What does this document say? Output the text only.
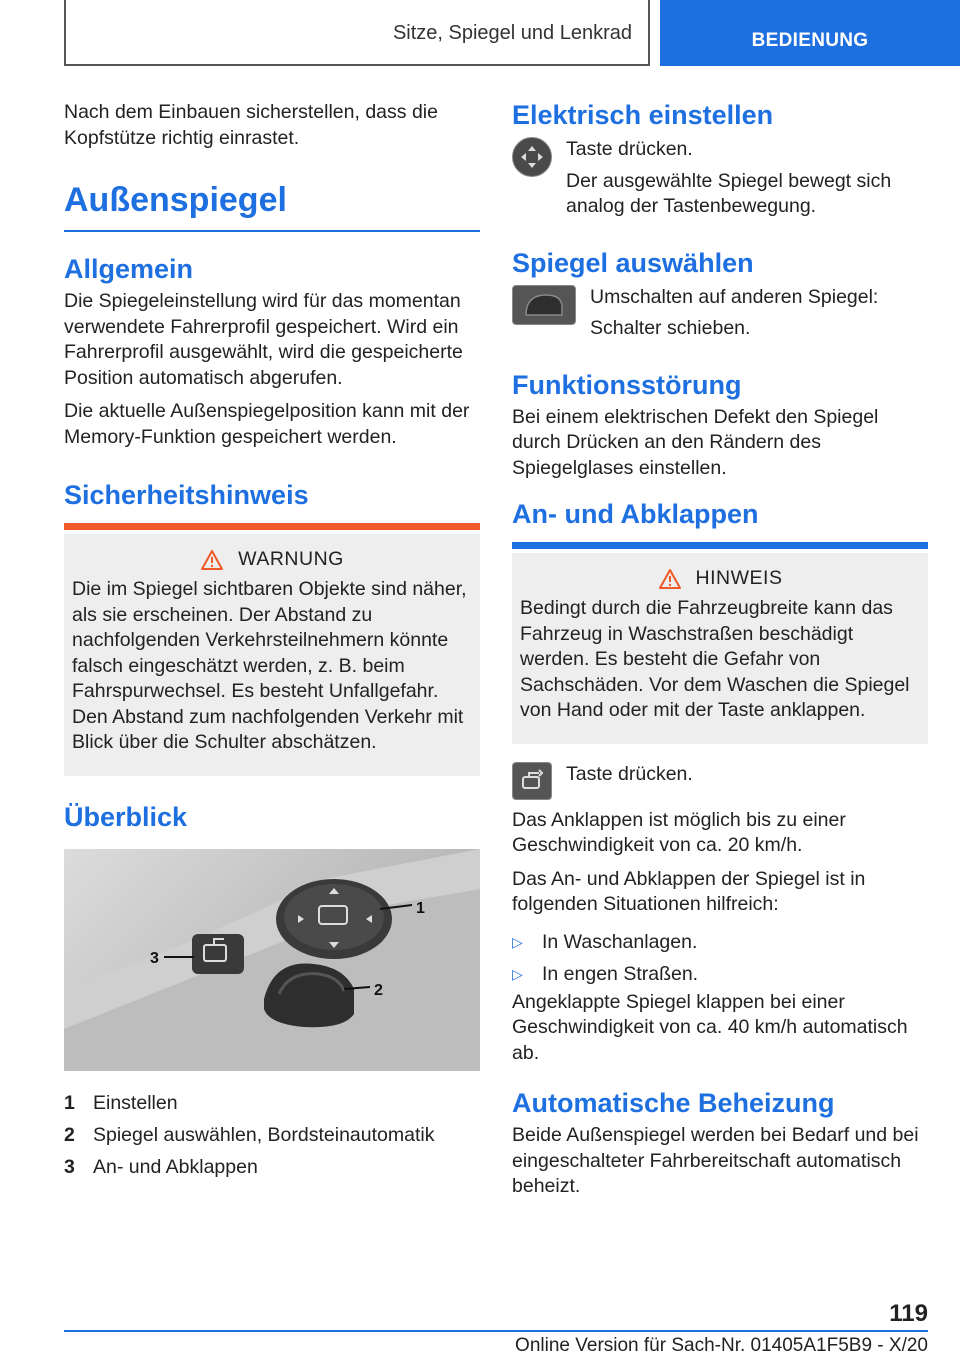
Sitze, Spiegel und Lenkrad	BEDIENUNG

Nach dem Einbauen sicherstellen, dass die Kopfstütze richtig einrastet.

Außenspiegel
Allgemein

Die Spiegeleinstellung wird für das momentan verwendete Fahrerprofil gespeichert. Wird ein Fahrerprofil ausgewählt, wird die gespeicherte Position automatisch abgerufen.

Die aktuelle Außenspiegelposition kann mit der Memory-Funktion gespeichert werden.

Sicherheitshinweis
WARNUNG

Die im Spiegel sichtbaren Objekte sind näher, als sie erscheinen. Der Abstand zu nachfolgenden Verkehrsteilnehmern könnte falsch eingeschätzt werden, z. B. beim Fahrspurwechsel. Es besteht Unfallgefahr. Den Abstand zum nachfolgenden Verkehr mit Blick über die Schulter abschätzen.

Überblick
1
2
3
1 Einstellen
2 Spiegel auswählen, Bordsteinautomatik
3 An- und Abklappen
Elektrisch einstellen

Taste drücken.

Der ausgewählte Spiegel bewegt sich analog der Tastenbewegung.

Spiegel auswählen

Umschalten auf anderen Spiegel:

Schalter schieben.

Funktionsstörung

Bei einem elektrischen Defekt den Spiegel durch Drücken an den Rändern des Spiegelglases einstellen.

An- und Abklappen
HINWEIS

Bedingt durch die Fahrzeugbreite kann das Fahrzeug in Waschstraßen beschädigt werden. Es besteht die Gefahr von Sachschäden. Vor dem Waschen die Spiegel von Hand oder mit der Taste anklappen.

Taste drücken.

Das Anklappen ist möglich bis zu einer Geschwindigkeit von ca. 20 km/h.

Das An- und Abklappen der Spiegel ist in folgenden Situationen hilfreich:

▷ In Waschanlagen.
▷ In engen Straßen.

Angeklappte Spiegel klappen bei einer Geschwindigkeit von ca. 40 km/h automatisch ab.

Automatische Beheizung

Beide Außenspiegel werden bei Bedarf und bei eingeschalteter Fahrbereitschaft automatisch beheizt.

119
Online Version für Sach-Nr. 01405A1F5B9 - X/20
